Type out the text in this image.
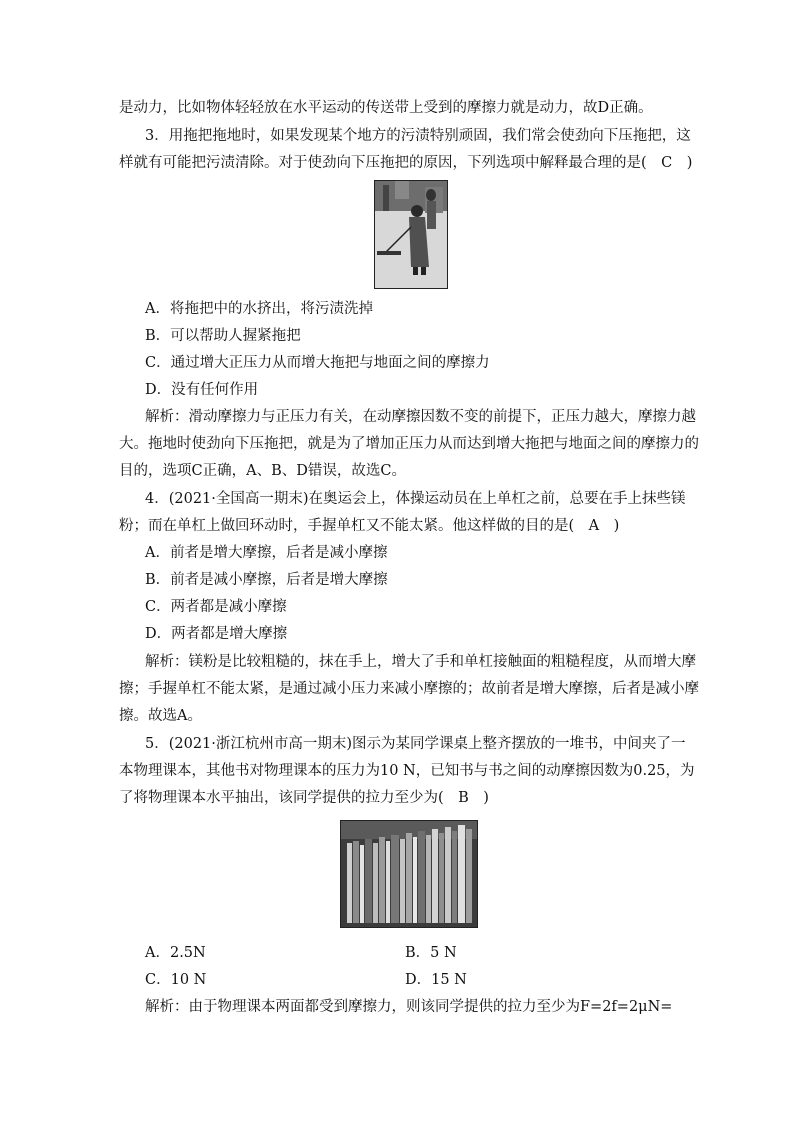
是动力，比如物体轻轻放在水平运动的传送带上受到的摩擦力就是动力，故D正确。
3．用拖把拖地时，如果发现某个地方的污渍特别顽固，我们常会使劲向下压拖把，这
样就有可能把污渍清除。对于使劲向下压拖把的原因，下列选项中解释最合理的是(　C　)
A．将拖把中的水挤出，将污渍洗掉
B．可以帮助人握紧拖把
C．通过增大正压力从而增大拖把与地面之间的摩擦力
D．没有任何作用
解析：滑动摩擦力与正压力有关，在动摩擦因数不变的前提下，正压力越大，摩擦力越
大。拖地时使劲向下压拖把，就是为了增加正压力从而达到增大拖把与地面之间的摩擦力的
目的，选项C正确，A、B、D错误，故选C。
4．(2021·全国高一期末)在奥运会上，体操运动员在上单杠之前，总要在手上抹些镁
粉；而在单杠上做回环动时，手握单杠又不能太紧。他这样做的目的是(　A　)
A．前者是增大摩擦，后者是减小摩擦
B．前者是减小摩擦，后者是增大摩擦
C．两者都是减小摩擦
D．两者都是增大摩擦
解析：镁粉是比较粗糙的，抹在手上，增大了手和单杠接触面的粗糙程度，从而增大摩
擦；手握单杠不能太紧，是通过减小压力来减小摩擦的；故前者是增大摩擦，后者是减小摩
擦。故选A。
5．(2021·浙江杭州市高一期末)图示为某同学课桌上整齐摆放的一堆书，中间夹了一
本物理课本，其他书对物理课本的压力为10 N，已知书与书之间的动摩擦因数为0.25，为
了将物理课本水平抽出，该同学提供的拉力至少为(　B　)
A．2.5N	B．5 N
C．10 N	D．15 N
解析：由于物理课本两面都受到摩擦力，则该同学提供的拉力至少为F=2f=2μN=
